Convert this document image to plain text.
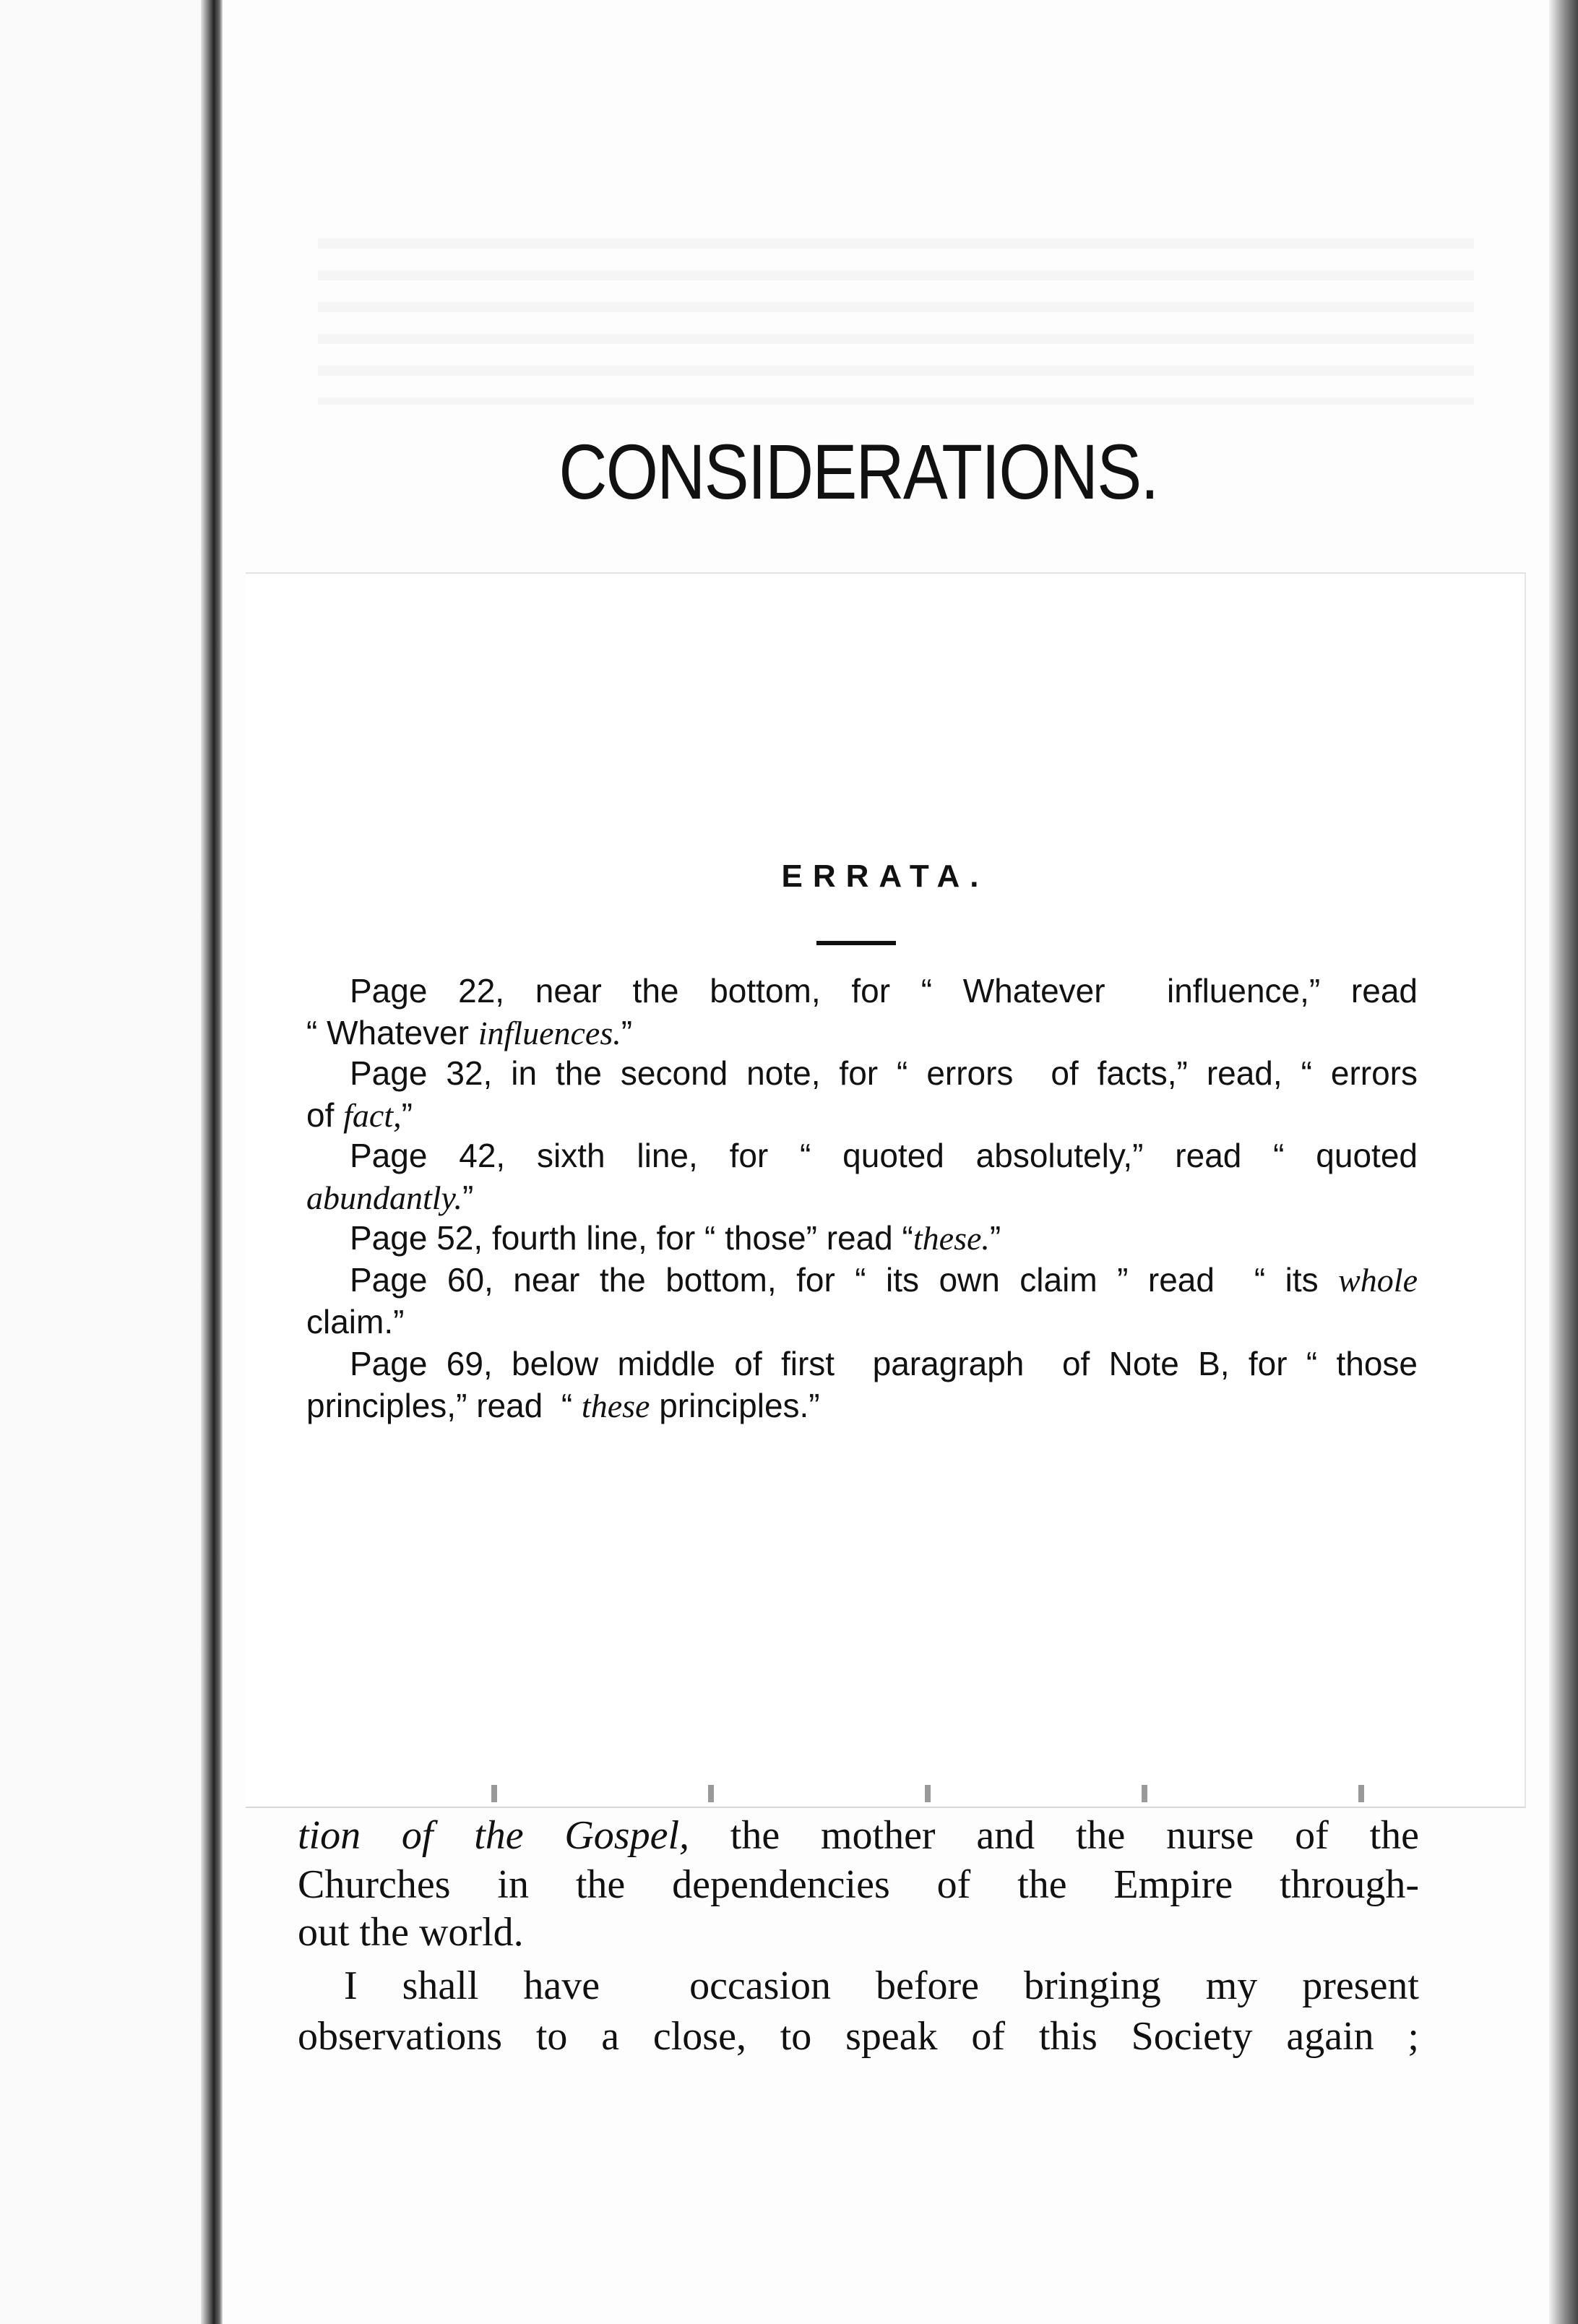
CONSIDERATIONS.
ERRATA.
Page 22, near the bottom, for “ Whatever  influence,” read
“ Whatever influences.”
Page 32, in the second note, for “ errors  of facts,” read, “ errors
of fact,”
Page 42, sixth line, for “ quoted absolutely,” read “ quoted
abundantly.”
Page 52, fourth line, for “ those” read “these.”
Page 60, near the bottom, for “ its own claim ” read  “ its whole
claim.”
Page 69, below middle of first  paragraph  of Note B, for “ those
principles,” read  “ these principles.”
tion of the Gospel, the mother and the nurse of the
Churches in the dependencies of the Empire through-
out the world.
I shall have  occasion before bringing my present
observations to a close, to speak of this Society again ;
